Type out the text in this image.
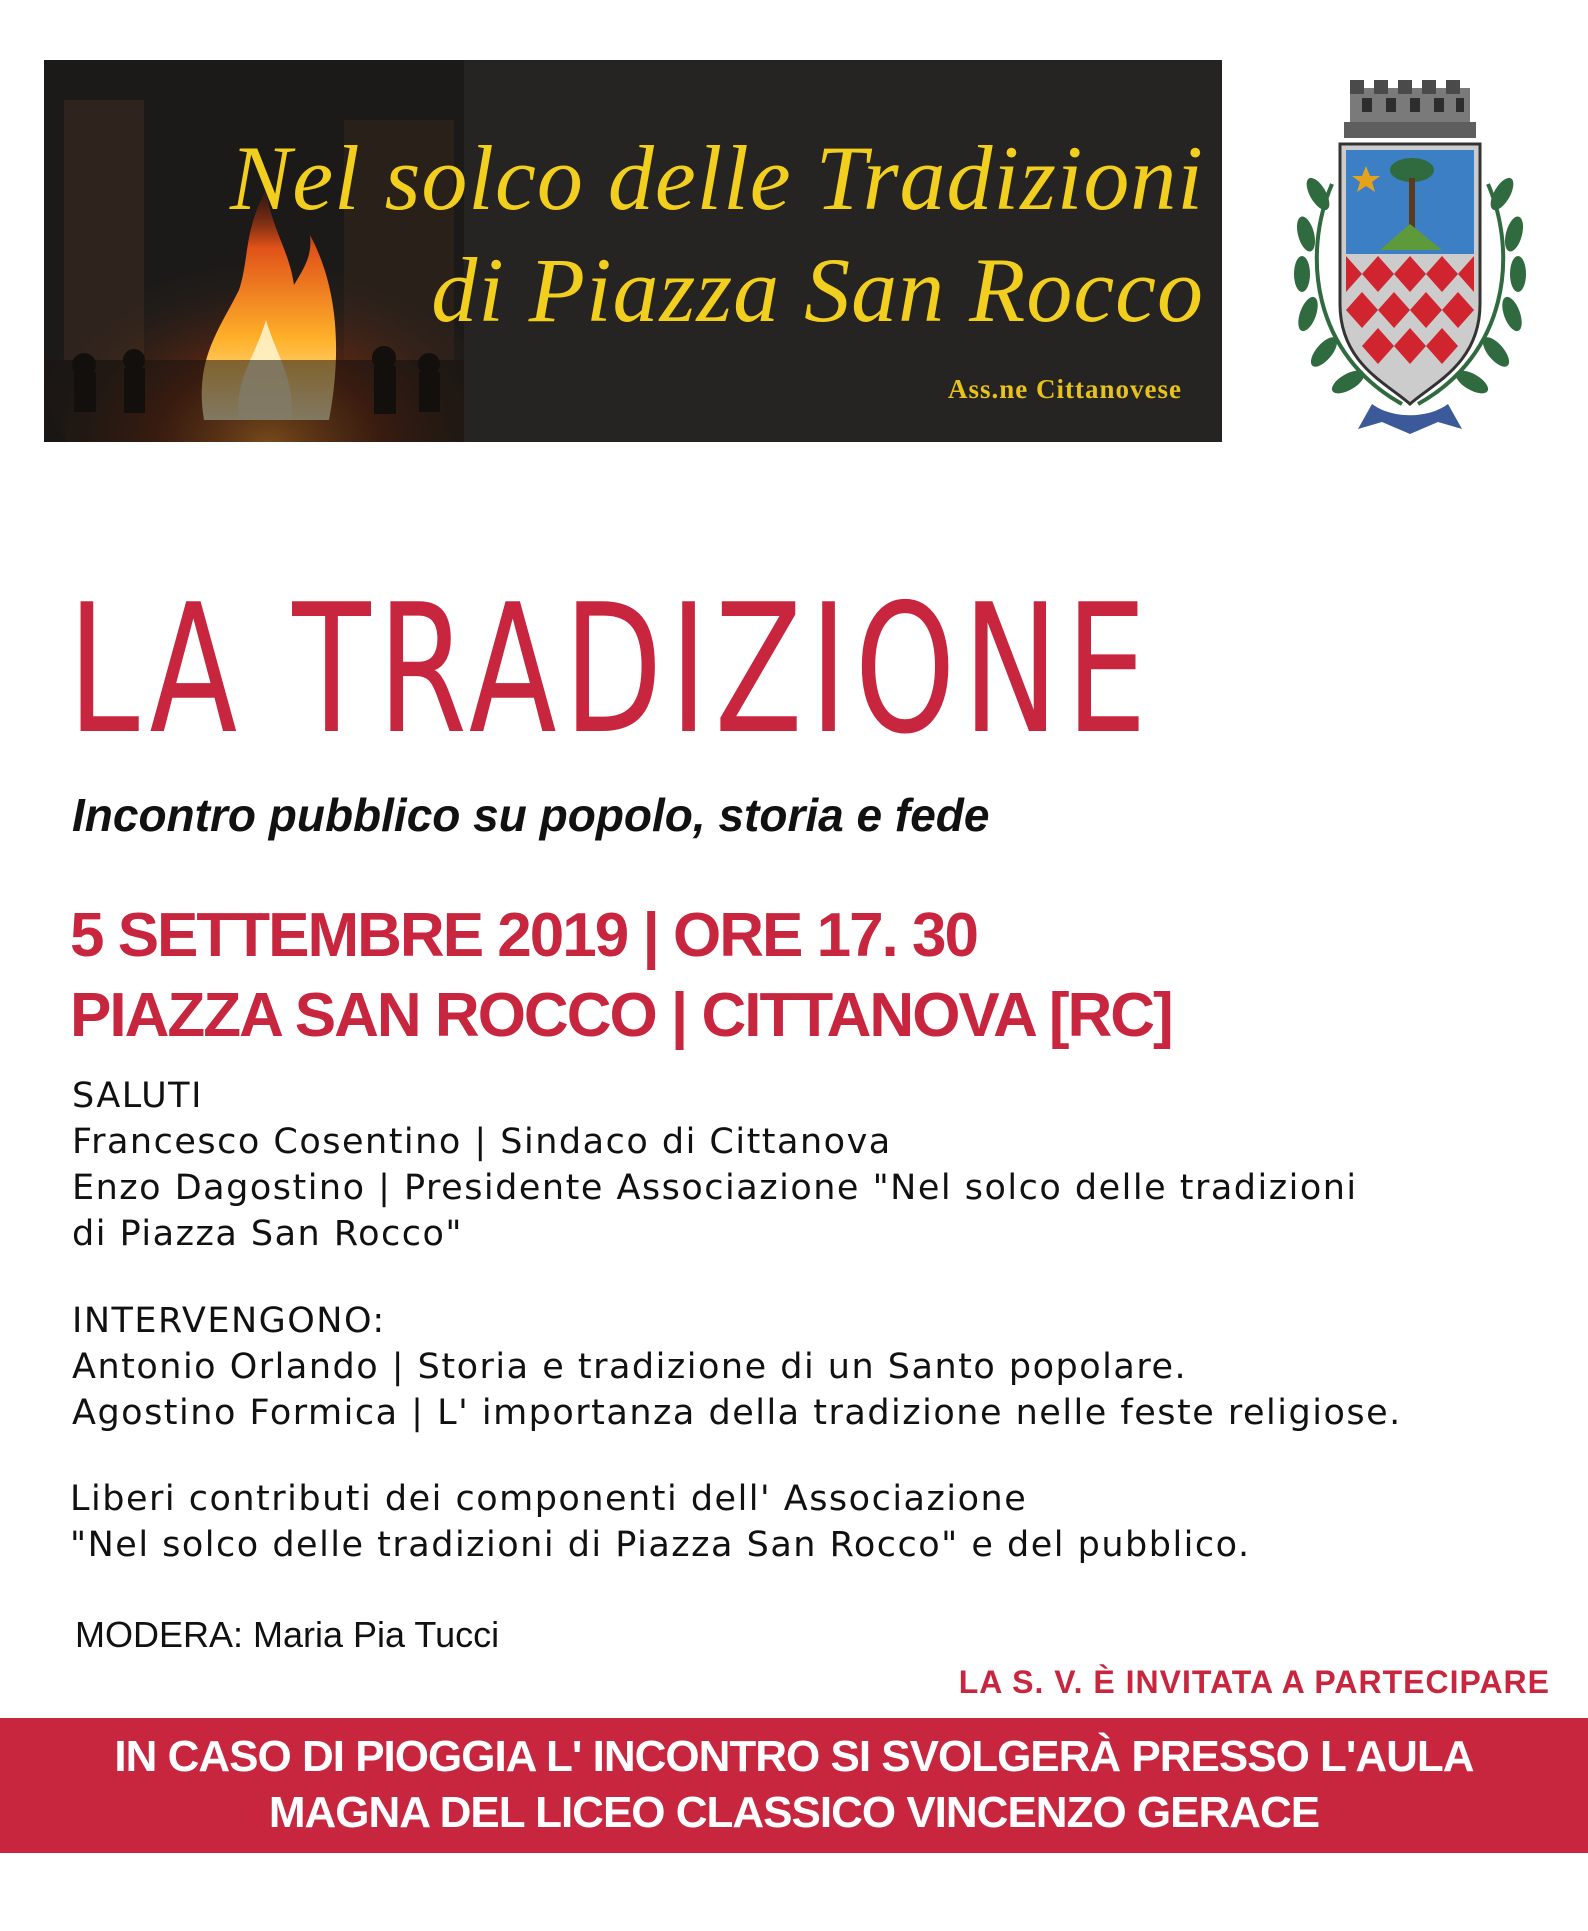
Nel solco delle Tradizioni
di Piazza San Rocco
Ass.ne Cittanovese
LA TRADIZIONE
Incontro pubblico su popolo, storia e fede
5 SETTEMBRE 2019 | ORE 17. 30
PIAZZA SAN ROCCO | CITTANOVA [RC]
SALUTI
Francesco Cosentino | Sindaco di Cittanova
Enzo Dagostino | Presidente Associazione "Nel solco delle tradizioni
di Piazza San Rocco"
INTERVENGONO:
Antonio Orlando | Storia e tradizione di un Santo popolare.
Agostino Formica | L' importanza della tradizione nelle feste religiose.
Liberi contributi dei componenti dell' Associazione
"Nel solco delle tradizioni di Piazza San Rocco" e del pubblico.
MODERA: Maria Pia Tucci
LA S. V. È INVITATA A PARTECIPARE
IN CASO DI PIOGGIA L' INCONTRO SI SVOLGERÀ PRESSO L'AULA
MAGNA DEL LICEO CLASSICO VINCENZO GERACE
